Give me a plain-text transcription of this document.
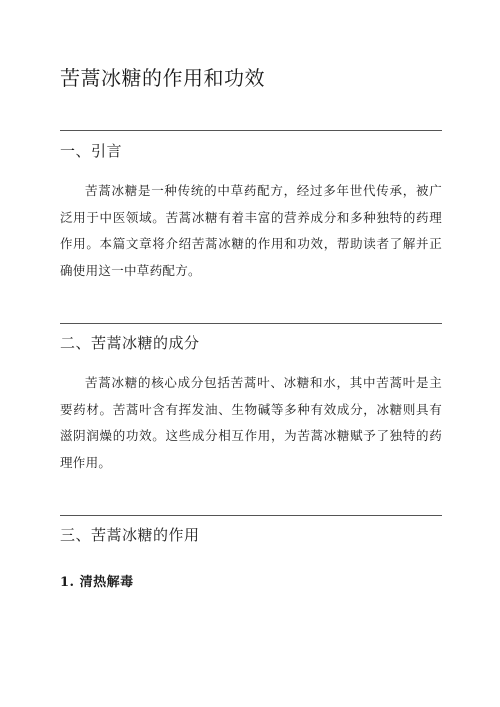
苦蒿冰糖的作用和功效
一、引言

苦蒿冰糖是一种传统的中草药配方，经过多年世代传承，被广泛用于中医领域。苦蒿冰糖有着丰富的营养成分和多种独特的药理作用。本篇文章将介绍苦蒿冰糖的作用和功效，帮助读者了解并正确使用这一中草药配方。

二、苦蒿冰糖的成分

苦蒿冰糖的核心成分包括苦蒿叶、冰糖和水，其中苦蒿叶是主要药材。苦蒿叶含有挥发油、生物碱等多种有效成分，冰糖则具有滋阴润燥的功效。这些成分相互作用，为苦蒿冰糖赋予了独特的药理作用。

三、苦蒿冰糖的作用
1. 清热解毒
